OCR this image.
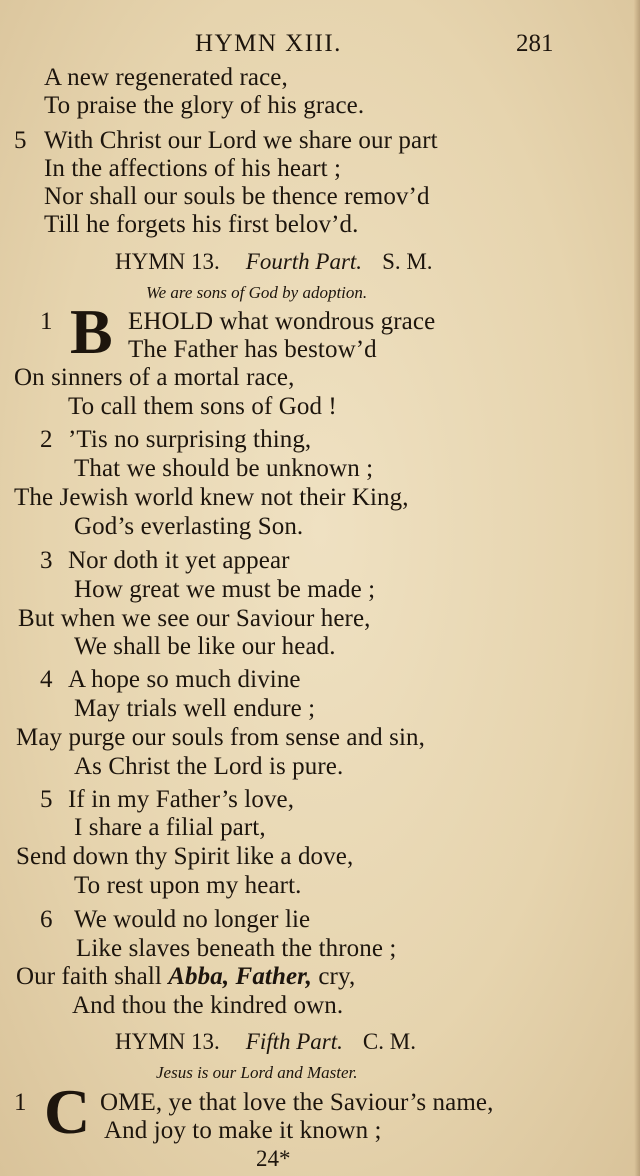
HYMN XIII.	281
A new regenerated race,
To praise the glory of his grace.
5 With Christ our Lord we share our part
In the affections of his heart ;
Nor shall our souls be thence remov’d
Till he forgets his first belov’d.
HYMN 13. Fourth Part. S. M.
We are sons of God by adoption.
1 B EHOLD what wondrous grace
The Father has bestow’d
On sinners of a mortal race,
To call them sons of God !
2 ’Tis no surprising thing,
That we should be unknown ;
The Jewish world knew not their King,
God’s everlasting Son.
3 Nor doth it yet appear
How great we must be made ;
But when we see our Saviour here,
We shall be like our head.
4 A hope so much divine
May trials well endure ;
May purge our souls from sense and sin,
As Christ the Lord is pure.
5 If in my Father’s love,
I share a filial part,
Send down thy Spirit like a dove,
To rest upon my heart.
6 We would no longer lie
Like slaves beneath the throne ;
Our faith shall Abba, Father, cry,
And thou the kindred own.
HYMN 13. Fifth Part. C. M.
Jesus is our Lord and Master.
1 C OME, ye that love the Saviour’s name,
And joy to make it known ;
24*
